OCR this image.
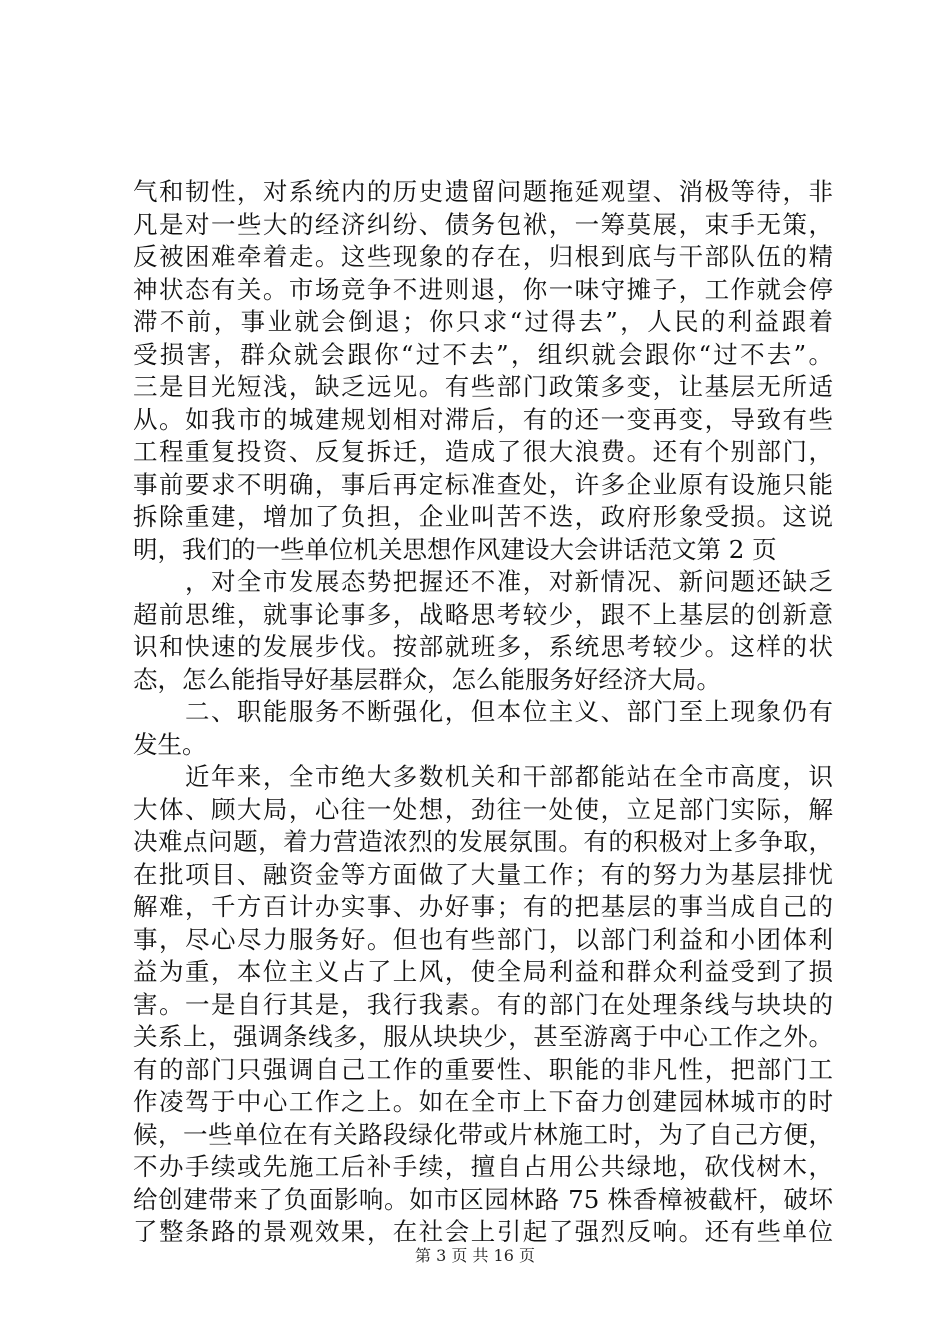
气和韧性，对系统内的历史遗留问题拖延观望、消极等待，非
凡是对一些大的经济纠纷、债务包袱，一筹莫展，束手无策，
反被困难牵着走。这些现象的存在，归根到底与干部队伍的精
神状态有关。市场竞争不进则退，你一味守摊子，工作就会停
滞不前，事业就会倒退；你只求“过得去”，人民的利益跟着
受损害，群众就会跟你“过不去”，组织就会跟你“过不去”。
三是目光短浅，缺乏远见。有些部门政策多变，让基层无所适
从。如我市的城建规划相对滞后，有的还一变再变，导致有些
工程重复投资、反复拆迁，造成了很大浪费。还有个别部门，
事前要求不明确，事后再定标准查处，许多企业原有设施只能
拆除重建，增加了负担，企业叫苦不迭，政府形象受损。这说
明，我们的一些单位机关思想作风建设大会讲话范文第 2 页
　　，对全市发展态势把握还不准，对新情况、新问题还缺乏
超前思维，就事论事多，战略思考较少，跟不上基层的创新意
识和快速的发展步伐。按部就班多，系统思考较少。这样的状
态，怎么能指导好基层群众，怎么能服务好经济大局。
　　二、职能服务不断强化，但本位主义、部门至上现象仍有
发生。
　　近年来，全市绝大多数机关和干部都能站在全市高度，识
大体、顾大局，心往一处想，劲往一处使，立足部门实际，解
决难点问题，着力营造浓烈的发展氛围。有的积极对上多争取，
在批项目、融资金等方面做了大量工作；有的努力为基层排忧
解难，千方百计办实事、办好事；有的把基层的事当成自己的
事，尽心尽力服务好。但也有些部门，以部门利益和小团体利
益为重，本位主义占了上风，使全局利益和群众利益受到了损
害。一是自行其是，我行我素。有的部门在处理条线与块块的
关系上，强调条线多，服从块块少，甚至游离于中心工作之外。
有的部门只强调自己工作的重要性、职能的非凡性，把部门工
作凌驾于中心工作之上。如在全市上下奋力创建园林城市的时
候，一些单位在有关路段绿化带或片林施工时，为了自己方便，
不办手续或先施工后补手续，擅自占用公共绿地，砍伐树木，
给创建带来了负面影响。如市区园林路 75 株香樟被截杆，破坏
了整条路的景观效果，在社会上引起了强烈反响。还有些单位
第 3 页 共 16 页
